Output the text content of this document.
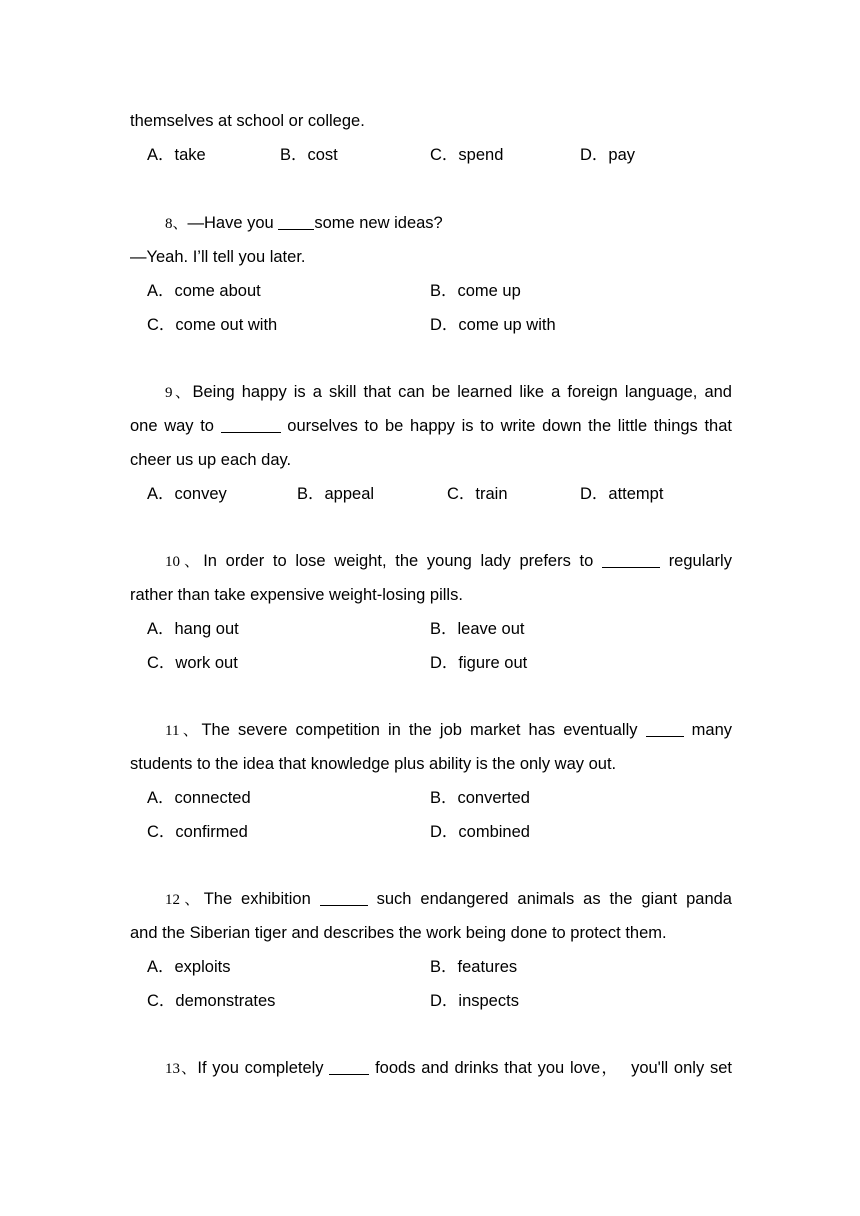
themselves at school or college.
A．take	B．cost	C．spend	D．pay
8、—Have you some new ideas?
—Yeah. I’ll tell you later.
A．come about	B．come up
C．come out with	D．come up with
9、Being happy is a skill that can be learned like a foreign language, and
one way to	ourselves to be happy is to write down the little things that
cheer us up each day.
A．convey	B．appeal	C．train	D．attempt
10、In order to lose weight, the young lady prefers to	regularly
rather than take expensive weight-losing pills.
A．hang out	B．leave out
C．work out	D．figure out
11、The severe competition in the job market has eventually  many
students to the idea that knowledge plus ability is the only way out.
A．connected	B．converted
C．confirmed	D．combined
12、The exhibition	such endangered animals as the giant panda
and the Siberian tiger and describes the work being done to protect them.
A．exploits	B．features
C．demonstrates	D．inspects
13、If you completely  foods and drinks that you love， you'll only set
